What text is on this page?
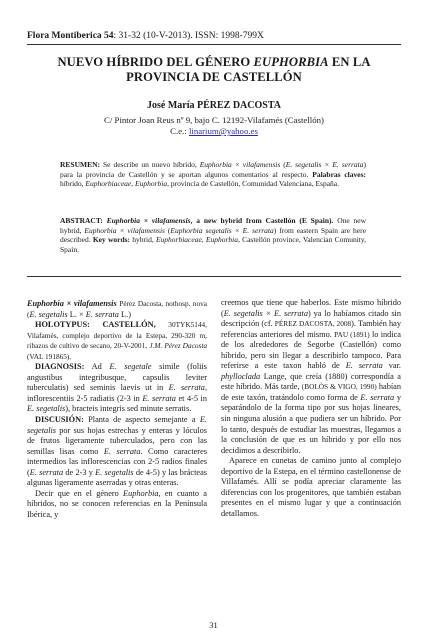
Flora Montiberica 54: 31-32 (10-V-2013). ISSN: 1998-799X
NUEVO HÍBRIDO DEL GÉNERO EUPHORBIA EN LA PROVINCIA DE CASTELLÓN
José María PÉREZ DACOSTA
C/ Pintor Joan Reus nº 9, bajo C. 12192-Vilafamés (Castellón)
C.e.: linarium@yahoo.es
RESUMEN: Se describe un nuevo híbrido, Euphorbia × vilafamensis (E. segetalis × E. serrata) para la provincia de Castellón y se aportan algunos comentarios al respecto. Palabras claves: híbrido, Euphorbiaceae, Euphorbia, provincia de Castellón, Comunidad Valenciana, España.
ABSTRACT: Euphorbia × vilafamensis, a new hybrid from Castellón (E Spain). One new hybrid, Euphorbia × vilafamensis (Euphorbia segetalis × E. serrata) from eastern Spain are here described. Key words: hybrid, Euphorbiaceae, Euphorbia, Castellón province, Valencian Comunity, Spain.

Euphorbia × vilafamensis Pérez Dacosta, nothosp. nova (E. segetalis L. × E. serrata L.)

HOLOTYPUS: CASTELLÓN, 30TYK5144, Vilafamés, complejo deportivo de la Estepa, 290-320 m, ribazos de cultivo de secano, 20-V-2001, J.M. Pérez Dacosta (VAL 191865).

DIAGNOSIS: Ad E. segetale simile (foliis angustibus integribusque, capsulis leviter tuberculatis) sed seminis laevis ut in E. serrata, inflorescentiis 2-5 radiatis (2-3 in E. serrata et 4-5 in E. segetalis), bracteis integris sed minute serratis.

DISCUSIÓN: Planta de aspecto semejante a E. segetalis por sus hojas estrechas y enteras y lóculos de frutos ligeramente tuberculados, pero con las semillas lisas como E. serrata. Como caracteres intermedios las inflorescencias con 2-5 radios finales (E. serrata de 2-3 y E. segetalis de 4-5) y las brácteas algunas ligeramente aserradas y otras enteras.

Decir que en el género Euphorbia, en cuanto a híbridos, no se conocen referencias en la Península Ibérica, y

creemos que tiene que haberlos. Este mismo híbrido (E. segetalis × E. serrata) ya lo habíamos citado sin descripción (cf. PÉREZ DACOSTA, 2008). También hay referencias anteriores del mismo. PAU (1891) lo indica de los alrededores de Segorbe (Castellón) como híbrido, pero sin llegar a describirlo tampoco. Para referirse a este taxon habló de E. serrata var. phylloclada Lange, que creía (1880) correspondía a este híbrido. Más tarde, (BOLÒS & VIGO, 1990) habían de este taxón, tratándolo como forma de E. serrata y separándolo de la forma tipo por sus hojas lineares, sin ninguna alusión a que pudiera ser un híbrido. Por lo tanto, después de estudiar las muestras, llegamos a la conclusión de que es un híbrido y por ello nos decidimos a describirlo.

Aparece en cunetas de camino junto al complejo deportivo de la Estepa, en el término castellonense de Villafamés. Allí se podía apreciar claramente las diferencias con los progenitores, que también estaban presentes en el mismo lugar y que a continuación detallamos.

31
